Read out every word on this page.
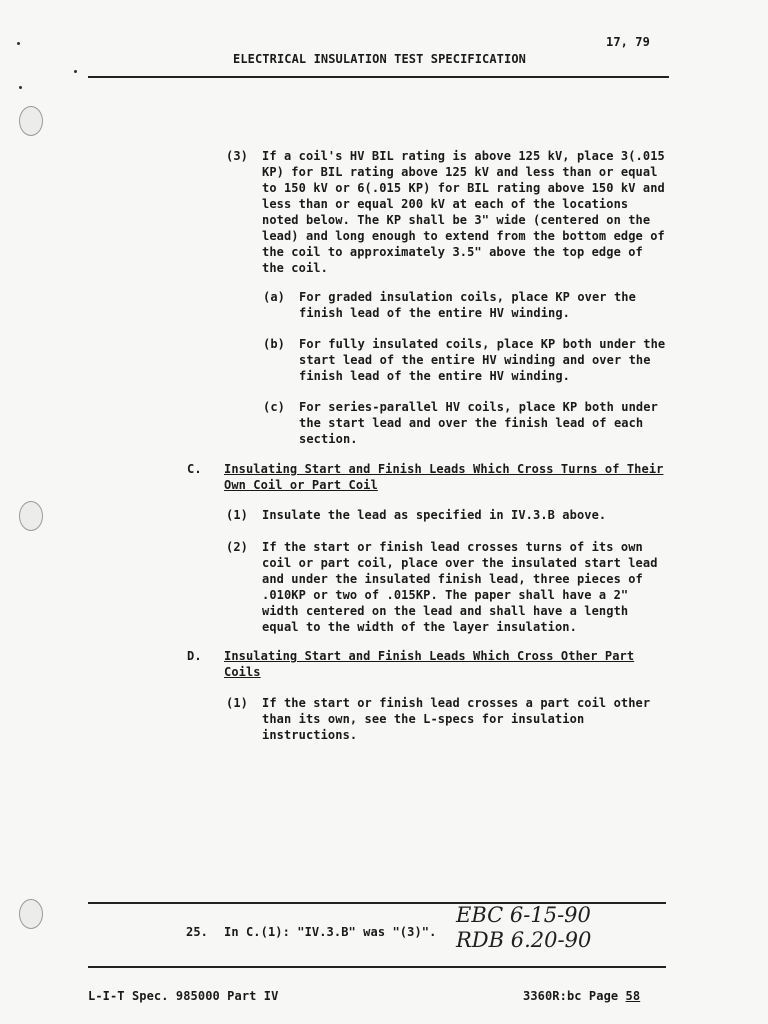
ELECTRICAL INSULATION TEST SPECIFICATION
17, 79
(3) If a coil's HV BIL rating is above 125 kV, place 3(.015
KP) for BIL rating above 125 kV and less than or equal
to 150 kV or 6(.015 KP) for BIL rating above 150 kV and
less than or equal 200 kV at each of the locations
noted below. The KP shall be 3" wide (centered on the
lead) and long enough to extend from the bottom edge of
the coil to approximately 3.5" above the top edge of
the coil.
(a) For graded insulation coils, place KP over the
finish lead of the entire HV winding.
(b) For fully insulated coils, place KP both under the
start lead of the entire HV winding and over the
finish lead of the entire HV winding.
(c) For series-parallel HV coils, place KP both under
the start lead and over the finish lead of each
section.
C. Insulating Start and Finish Leads Which Cross Turns of Their
Own Coil or Part Coil
(1) Insulate the lead as specified in IV.3.B above.
(2) If the start or finish lead crosses turns of its own
coil or part coil, place over the insulated start lead
and under the insulated finish lead, three pieces of
.010KP or two of .015KP. The paper shall have a 2"
width centered on the lead and shall have a length
equal to the width of the layer insulation.
D. Insulating Start and Finish Leads Which Cross Other Part
Coils
(1) If the start or finish lead crosses a part coil other
than its own, see the L-specs for insulation
instructions.
25. In C.(1): "IV.3.B" was "(3)".
EBC 6-15-90
RDB 6.20-90
L-I-T Spec. 985000 Part IV	3360R:bc Page 58
